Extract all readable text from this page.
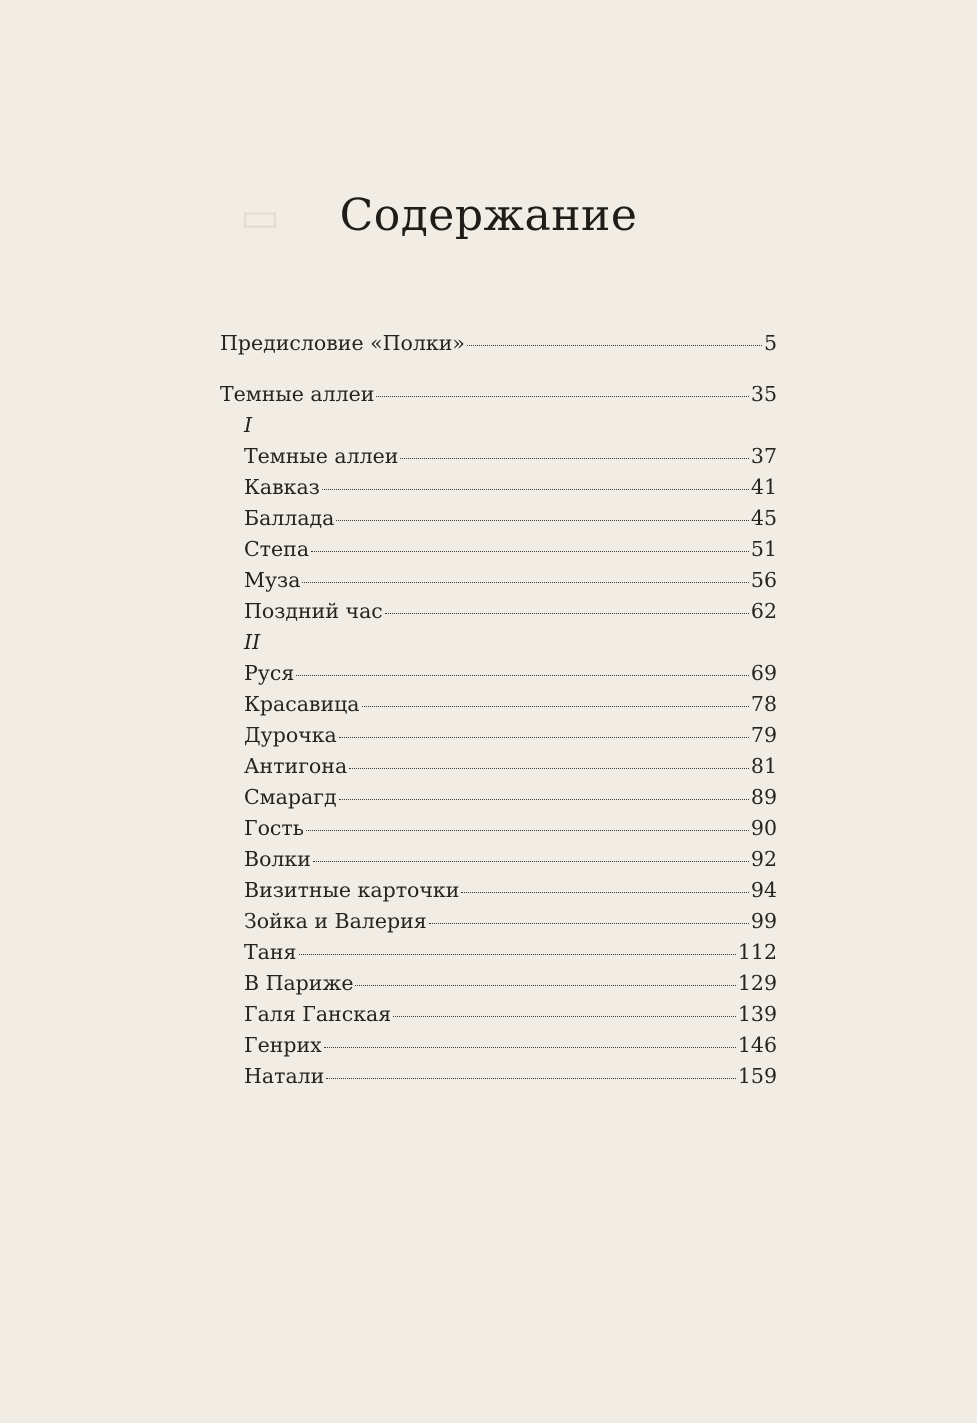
▭	Содержание
Предисловие «Полки»	5
Темные аллеи	35
I
Темные аллеи	37
Кавказ	41
Баллада	45
Степа	51
Муза	56
Поздний час	62
II
Руся	69
Красавица	78
Дурочка	79
Антигона	81
Смарагд	89
Гость	90
Волки	92
Визитные карточки	94
Зойка и Валерия	99
Таня	112
В Париже	129
Галя Ганская	139
Генрих	146
Натали	159
